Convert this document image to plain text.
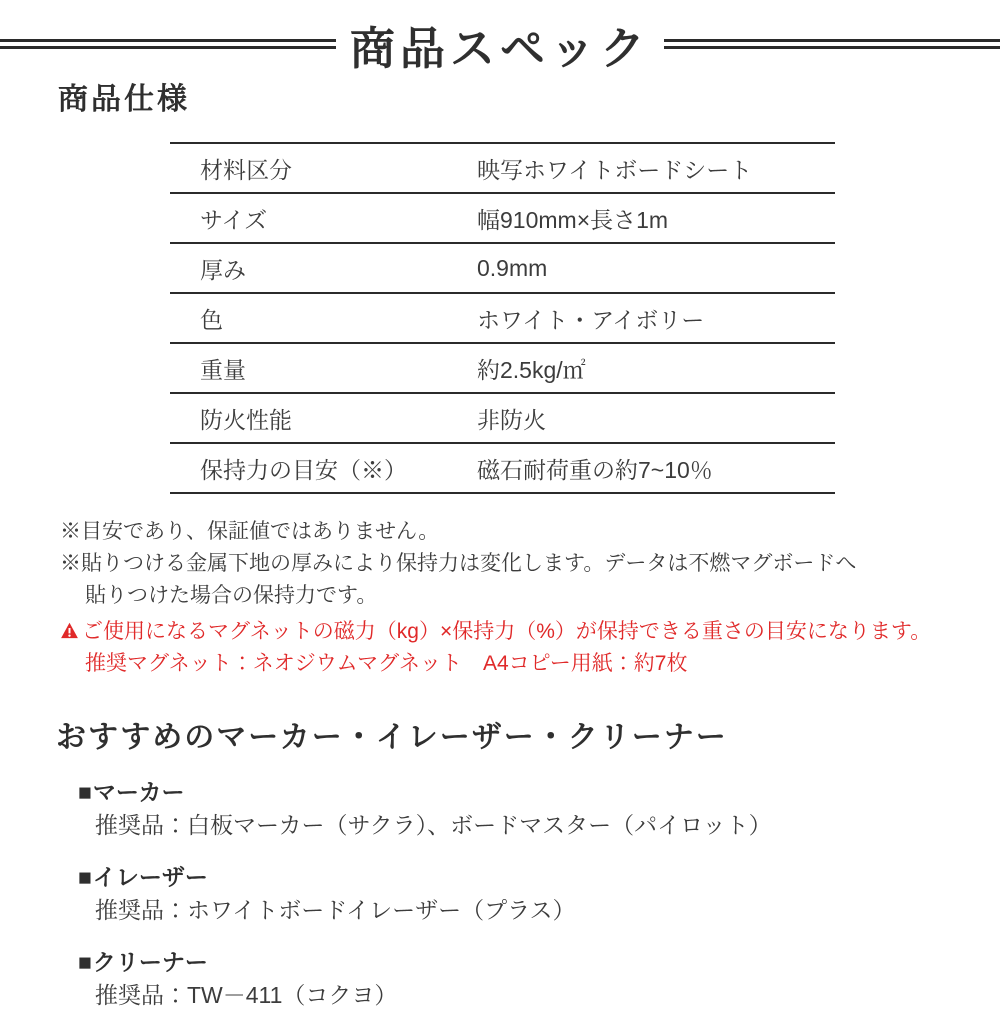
商品スペック
商品仕様
材料区分	映写ホワイトボードシート
サイズ	幅910mm×長さ1m
厚み	0.9mm
色	ホワイト・アイボリー
重量	約2.5kg/㎡
防火性能	非防火
保持力の目安（※）	磁石耐荷重の約7~10％

※目安であり、保証値ではありません。

※貼りつける金属下地の厚みにより保持力は変化します。データは不燃マグボードへ

貼りつけた場合の保持力です。

ご使用になるマグネットの磁力（kg）×保持力（%）が保持できる重さの目安になります。

推奨マグネット：ネオジウムマグネット　A4コピー用紙：約7枚

おすすめのマーカー・イレーザー・クリーナー

■マーカー

推奨品：白板マーカー（サクラ）、ボードマスター（パイロット）

■イレーザー

推奨品：ホワイトボードイレーザー（プラス）

■クリーナー

推奨品：TW－411（コクヨ）
